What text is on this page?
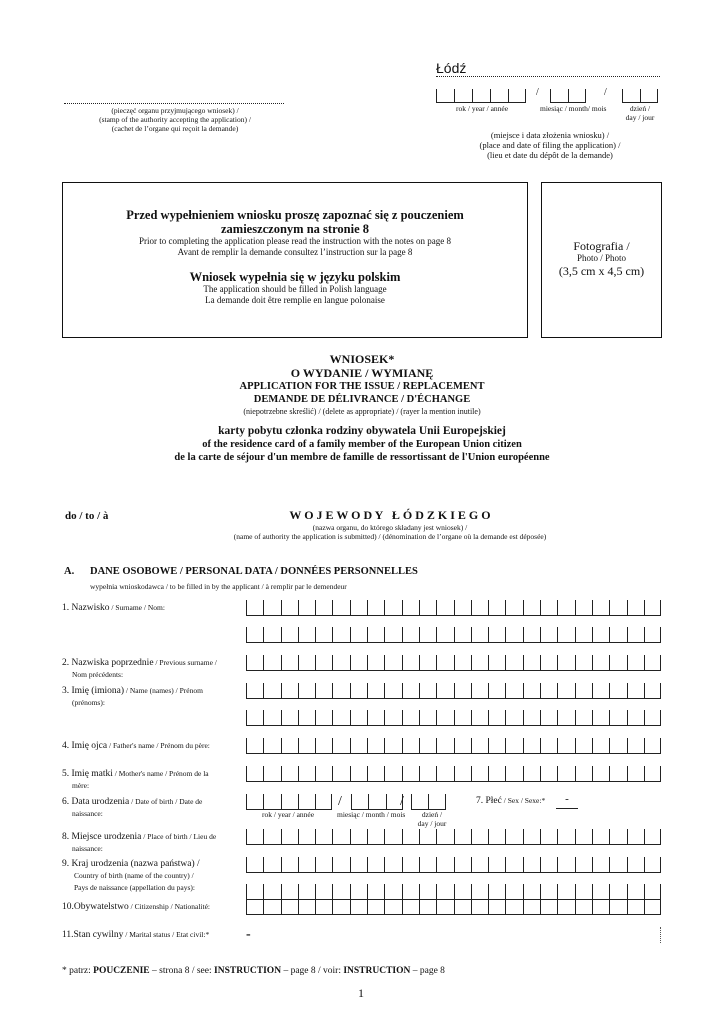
Łódź
(pieczęć organu przyjmującego wniosek) /
(stamp of the authority accepting the application) /
(cachet de l’organe qui reçoit la demande)
/	/
rok / year / année	miesiąc / month/ mois	dzień /
day / jour
(miejsce i data złożenia wniosku) /
(place and date of filing the application) /
(lieu et date du dépôt de la demande)
Przed wypełnieniem wniosku proszę zapoznać się z pouczeniem
zamieszczonym na stronie 8
Prior to completing the application please read the instruction with the notes on page 8
Avant de remplir la demande consultez l’instruction sur la page 8
Wniosek wypełnia się w języku polskim
The application should be filled in Polish language
La demande doit être remplie en langue polonaise
Fotografia /
Photo / Photo
(3,5 cm x 4,5 cm)
WNIOSEK*
O WYDANIE / WYMIANĘ
APPLICATION FOR THE ISSUE / REPLACEMENT
DEMANDE DE DÉLIVRANCE / D'ÉCHANGE
(niepotrzebne skreślić) / (delete as appropriate) / (rayer la mention inutile)
karty pobytu członka rodziny obywatela Unii Europejskiej
of the residence card of a family member of the European Union citizen
de la carte de séjour d'un membre de famille de ressortissant de l'Union européenne
do / to / à	W O J E W O D Y   Ł Ó D Z K I E G O
(nazwa organu, do którego składany jest wniosek) /
(name of authority the application is submitted) / (dénomination de l’organe où la demande est déposée)
A. DANE OSOBOWE / PERSONAL DATA / DONNÉES PERSONNELLES
wypełnia wnioskodawca / to be filled in by the applicant / à remplir par le demendeur
1. Nazwisko / Surname / Nom:
2. Nazwiska poprzednie / Previous surname /
Nom précédents:
3. Imię (imiona) / Name (names) / Prénom
(prénoms):
4. Imię ojca / Father's name / Prénom du père:
5. Imię matki / Mother's name / Prénom de la
mère:
6. Data urodzenia / Date of birth / Date de
naissance:
8. Miejsce urodzenia / Place of birth / Lieu de
naissance:
9. Kraj urodzenia (nazwa państwa) /
Country of birth (name of the country) /
Pays de naissance (appellation du pays):
10.Obywatelstwo / Citizenship / Nationalité:
11.Stan cywilny / Marital status / Etat civil:*
/	/
rok / year / année	miesiąc / month / mois	dzień /
day / jour
7. Płeć / Sex / Sexe:*	-
-
* patrz: POUCZENIE – strona 8 / see: INSTRUCTION – page 8 / voir: INSTRUCTION – page 8
1
